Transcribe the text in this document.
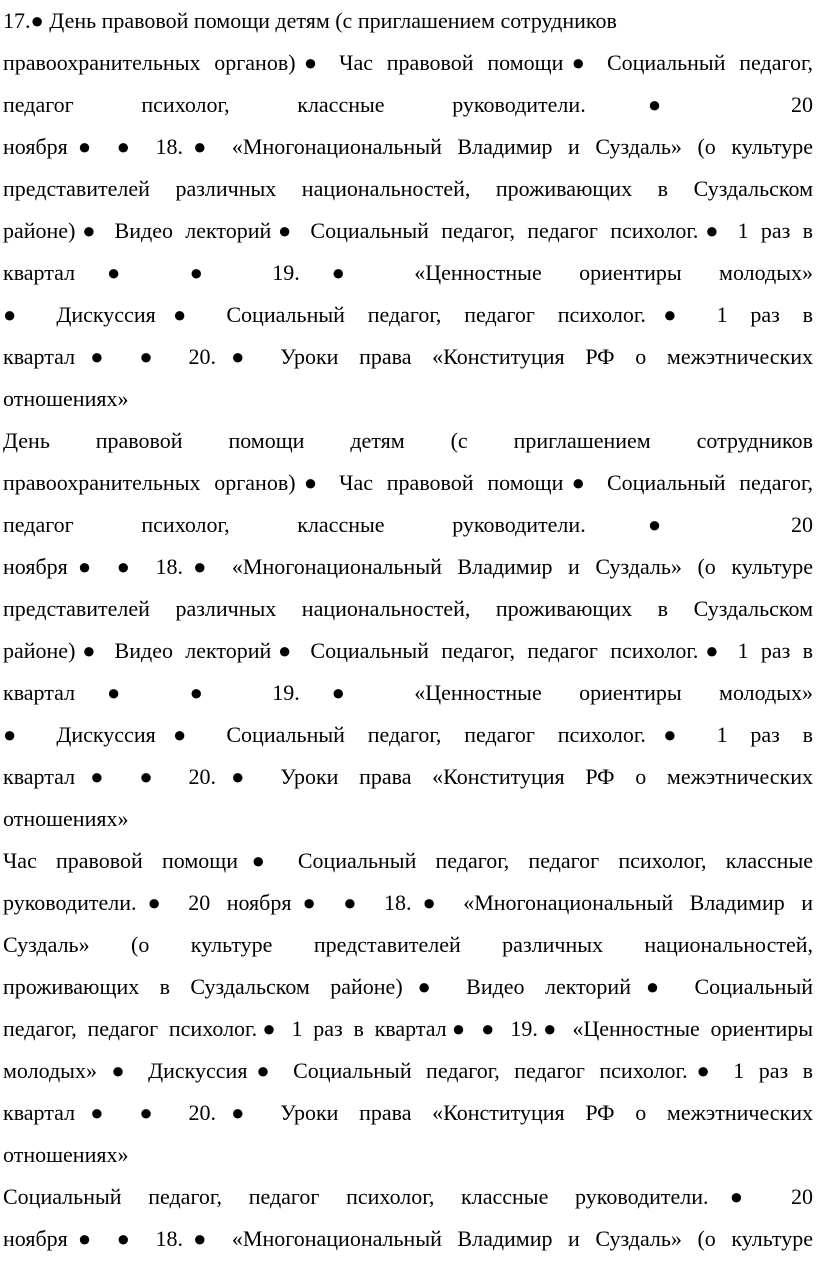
17.● День правовой помощи детям (с приглашением сотрудников
правоохранительных органов)● Час правовой помощи● Социальный педагог,
педагог психолог, классные руководители.● 20
ноября● ● 18.● «Многонациональный Владимир и Суздаль» (о культуре
представителей различных национальностей, проживающих в Суздальском
районе)● Видео лекторий● Социальный педагог, педагог психолог.● 1 раз в
квартал● ● 19.● «Ценностные ориентиры молодых»
● Дискуссия● Социальный педагог, педагог психолог.● 1 раз в
квартал● ● 20.● Уроки права «Конституция РФ о межэтнических
отношениях»
День правовой помощи детям (с приглашением сотрудников
правоохранительных органов)● Час правовой помощи● Социальный педагог,
педагог психолог, классные руководители.● 20
ноября● ● 18.● «Многонациональный Владимир и Суздаль» (о культуре
представителей различных национальностей, проживающих в Суздальском
районе)● Видео лекторий● Социальный педагог, педагог психолог.● 1 раз в
квартал● ● 19.● «Ценностные ориентиры молодых»
● Дискуссия● Социальный педагог, педагог психолог.● 1 раз в
квартал● ● 20.● Уроки права «Конституция РФ о межэтнических
отношениях»
Час правовой помощи● Социальный педагог, педагог психолог, классные
руководители.● 20 ноября● ● 18.● «Многонациональный Владимир и
Суздаль» (о культуре представителей различных национальностей,
проживающих в Суздальском районе)● Видео лекторий● Социальный
педагог, педагог психолог.● 1 раз в квартал● ● 19.● «Ценностные ориентиры
молодых» ● Дискуссия● Социальный педагог, педагог психолог.● 1 раз в
квартал● ● 20.● Уроки права «Конституция РФ о межэтнических
отношениях»
Социальный педагог, педагог психолог, классные руководители.● 20
ноября● ● 18.● «Многонациональный Владимир и Суздаль» (о культуре
